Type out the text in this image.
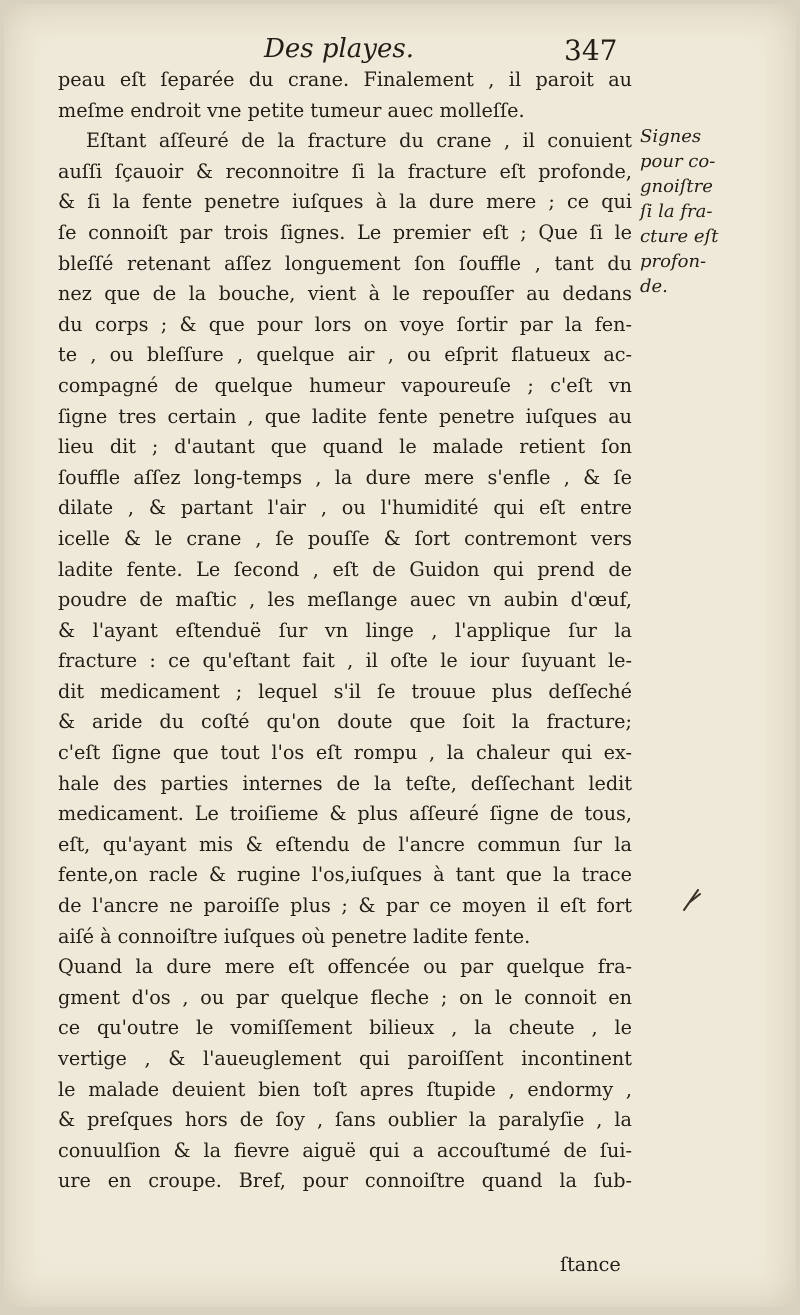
Des playes.	347
peau eſt ſeparée du crane. Finalement , il paroit au
meſme endroit vne petite tumeur auec molleſſe.
Eſtant aſſeuré de la fracture du crane , il conuient
auſſi ſçauoir & reconnoitre ſi la fracture eſt profonde,
& ſi la fente penetre iuſques à la dure mere ; ce qui
ſe connoiſt par trois ſignes. Le premier eſt ; Que ſi le
bleſſé retenant aſſez longuement ſon ſouffle , tant du
nez que de la bouche, vient à le repouſſer au dedans
du corps ; & que pour lors on voye ſortir par la fen-
te , ou bleſſure , quelque air , ou eſprit flatueux ac-
compagné de quelque humeur vapoureuſe ; c'eſt vn
ſigne tres certain , que ladite fente penetre iuſques au
lieu dit ; d'autant que quand le malade retient ſon
ſouffle aſſez long-temps , la dure mere s'enfle , & ſe
dilate , & partant l'air , ou l'humidité qui eſt entre
icelle & le crane , ſe pouſſe & ſort contremont vers
ladite fente. Le ſecond , eſt de Guidon qui prend de
poudre de maſtic , les meſlange auec vn aubin d'œuf,
& l'ayant eſtenduë ſur vn linge , l'applique ſur la
fracture : ce qu'eſtant fait , il oſte le iour ſuyuant le-
dit medicament ; lequel s'il ſe trouue plus deſſeché
& aride du coſté qu'on doute que ſoit la fracture;
c'eſt ſigne que tout l'os eſt rompu , la chaleur qui ex-
hale des parties internes de la teſte, deſſechant ledit
medicament. Le troiſieme & plus aſſeuré ſigne de tous,
eſt, qu'ayant mis & eſtendu de l'ancre commun ſur la
fente,on racle & rugine l'os,iuſques à tant que la trace
de l'ancre ne paroiſſe plus ; & par ce moyen il eſt fort
aiſé à connoiſtre iuſques où penetre ladite fente.
Quand la dure mere eſt offencée ou par quelque fra-
gment d'os , ou par quelque fleche ; on le connoit en
ce qu'outre le vomiſſement bilieux , la cheute , le
vertige , & l'aueuglement qui paroiſſent incontinent
le malade deuient bien toſt apres ſtupide , endormy ,
& preſques hors de ſoy , ſans oublier la paralyſie , la
conuulſion & la fievre aiguë qui a accouſtumé de ſui-
ure en croupe. Bref, pour connoiſtre quand la ſub-
Signes
pour co-
gnoiſtre
ſi la fra-
cture eſt
profon-
de.
ſtance
